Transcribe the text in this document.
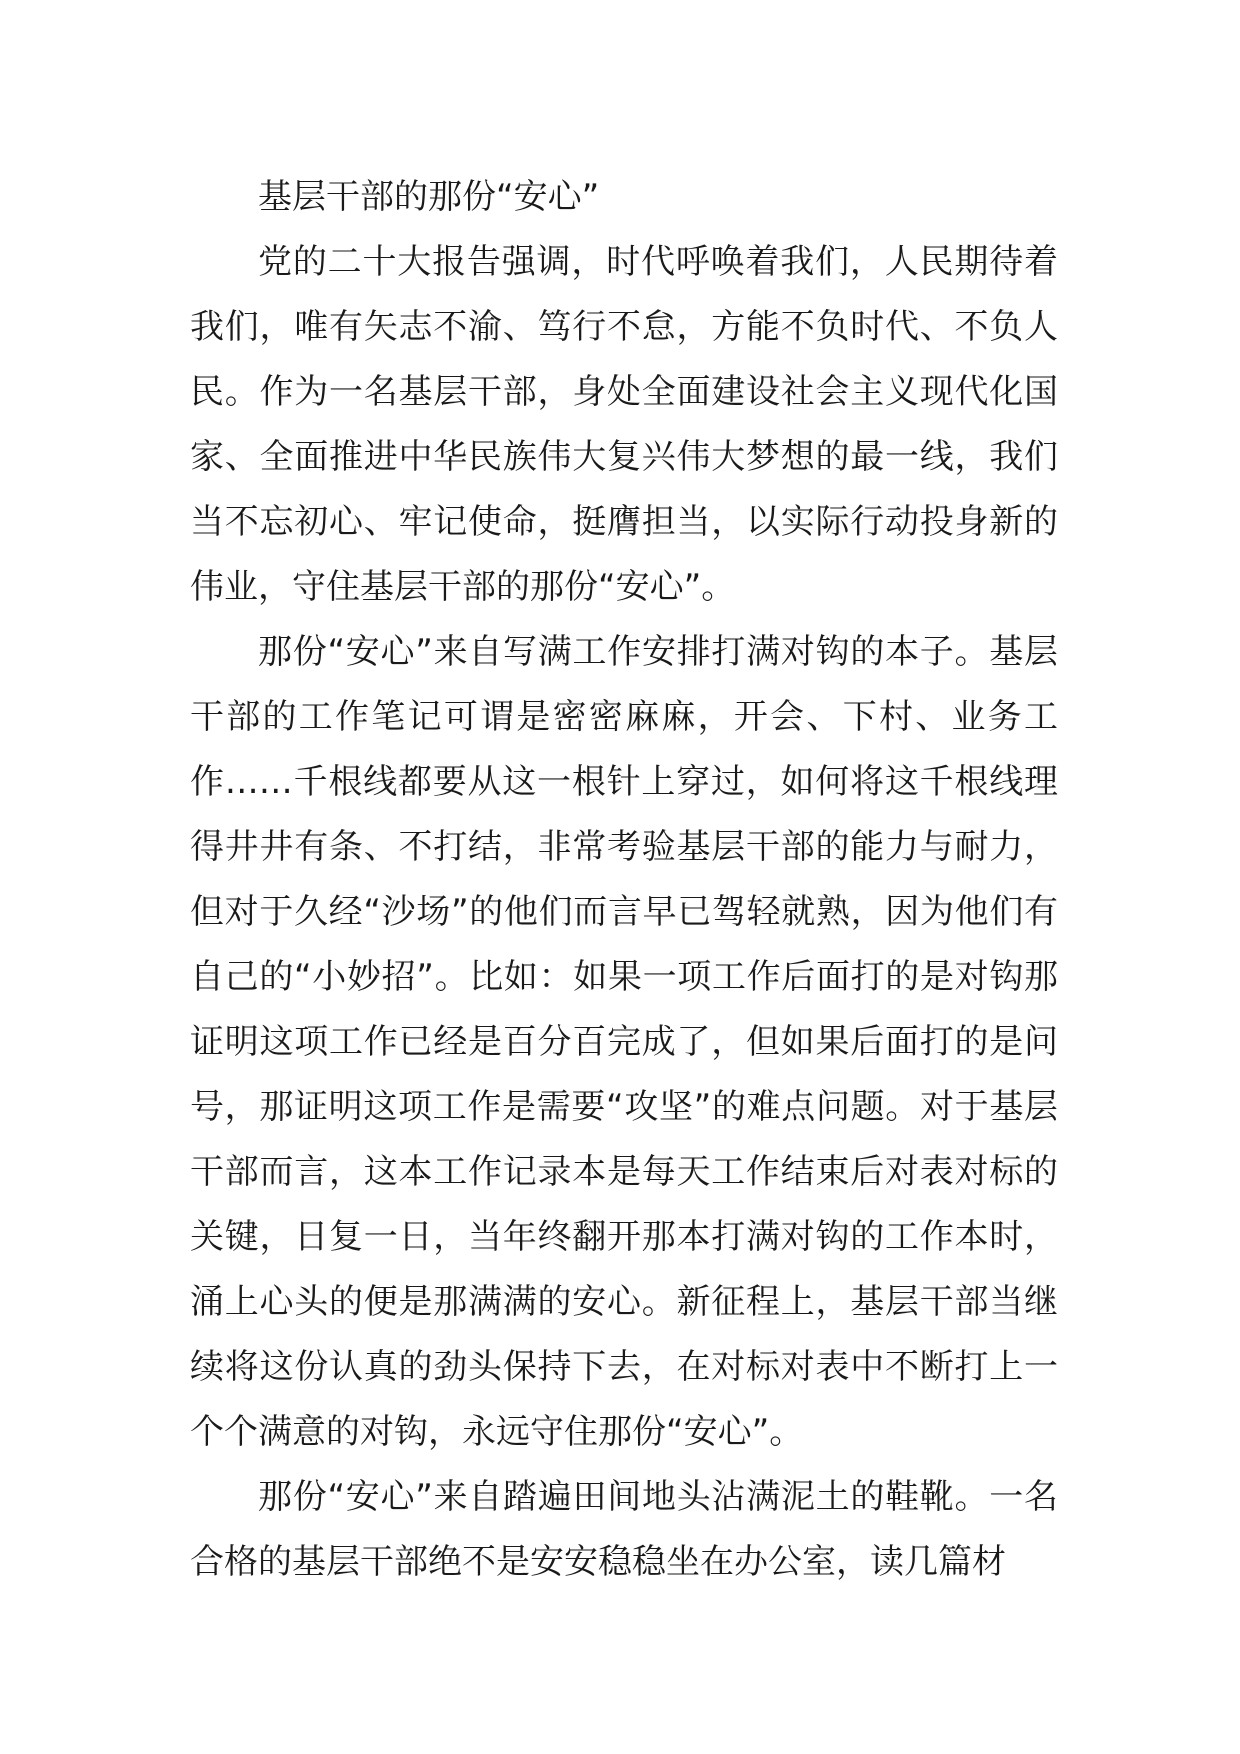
基层干部的那份“安心”

党的二十大报告强调，时代呼唤着我们，人民期待着我们，唯有矢志不渝、笃行不怠，方能不负时代、不负人民。作为一名基层干部，身处全面建设社会主义现代化国家、全面推进中华民族伟大复兴伟大梦想的最一线，我们当不忘初心、牢记使命，挺膺担当，以实际行动投身新的伟业，守住基层干部的那份“安心”。

那份“安心”来自写满工作安排打满对钩的本子。基层干部的工作笔记可谓是密密麻麻，开会、下村、业务工作……千根线都要从这一根针上穿过，如何将这千根线理得井井有条、不打结，非常考验基层干部的能力与耐力，但对于久经“沙场”的他们而言早已驾轻就熟，因为他们有自己的“小妙招”。比如：如果一项工作后面打的是对钩那证明这项工作已经是百分百完成了，但如果后面打的是问号，那证明这项工作是需要“攻坚”的难点问题。对于基层干部而言，这本工作记录本是每天工作结束后对表对标的关键，日复一日，当年终翻开那本打满对钩的工作本时，涌上心头的便是那满满的安心。新征程上，基层干部当继续将这份认真的劲头保持下去，在对标对表中不断打上一个个满意的对钩，永远守住那份“安心”。

那份“安心”来自踏遍田间地头沾满泥土的鞋靴。一名合格的基层干部绝不是安安稳稳坐在办公室，读几篇材
